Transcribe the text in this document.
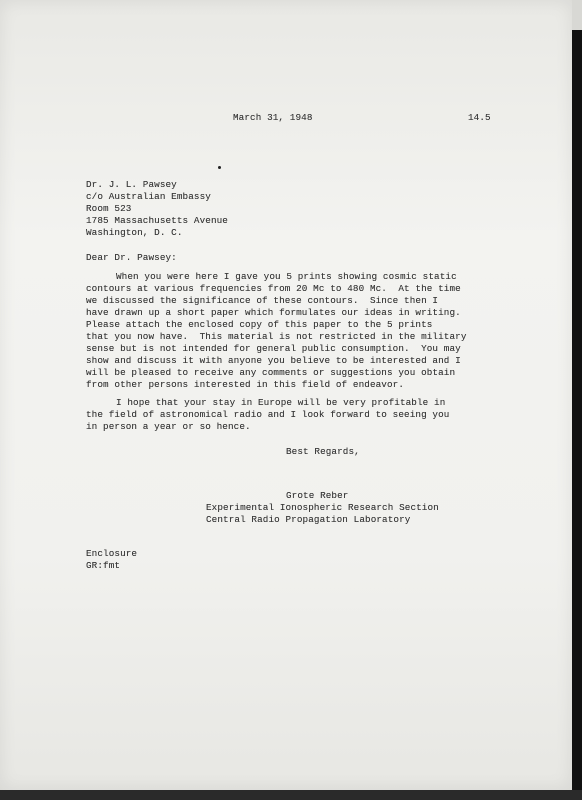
March 31, 1948	14.5
Dr. J. L. Pawsey
c/o Australian Embassy
Room 523
1785 Massachusetts Avenue
Washington, D. C.
Dear Dr. Pawsey:
When you were here I gave you 5 prints showing cosmic static
contours at various frequencies from 20 Mc to 480 Mc.  At the time
we discussed the significance of these contours.  Since then I
have drawn up a short paper which formulates our ideas in writing.
Please attach the enclosed copy of this paper to the 5 prints
that you now have.  This material is not restricted in the military
sense but is not intended for general public consumption.  You may
show and discuss it with anyone you believe to be interested and I
will be pleased to receive any comments or suggestions you obtain
from other persons interested in this field of endeavor.
I hope that your stay in Europe will be very profitable in
the field of astronomical radio and I look forward to seeing you
in person a year or so hence.
Best Regards,
Grote Reber
Experimental Ionospheric Research Section
Central Radio Propagation Laboratory
Enclosure
GR:fmt
